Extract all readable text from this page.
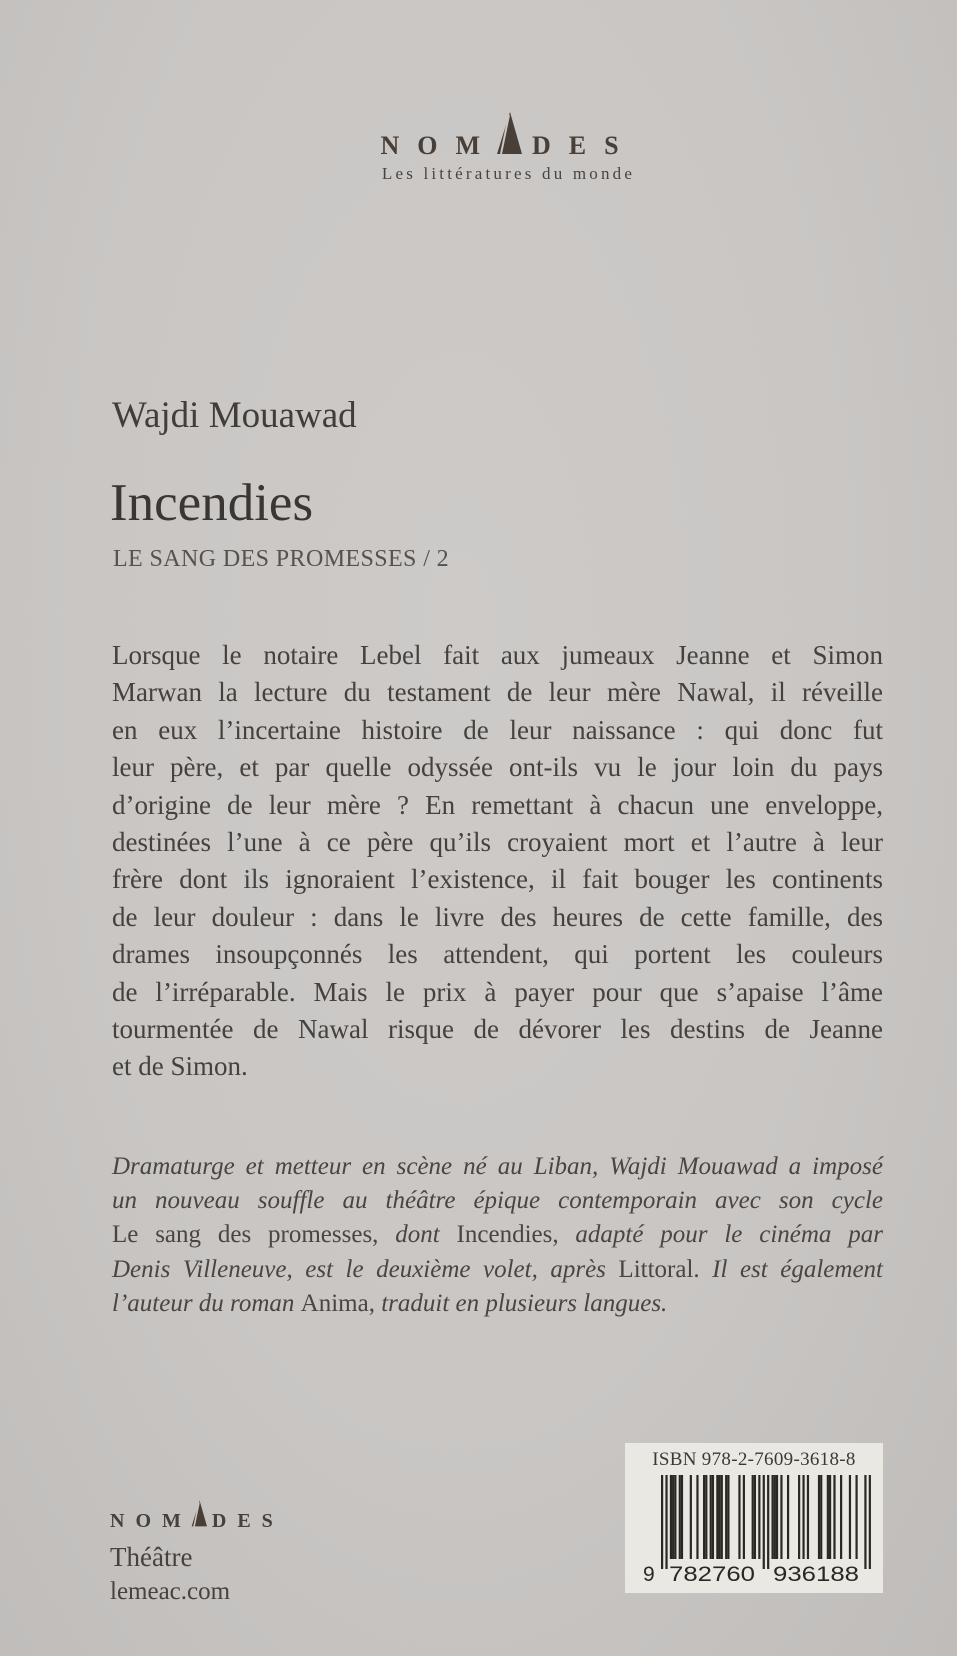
NOM DES
Les littératures du monde
Wajdi Mouawad
Incendies
LE SANG DES PROMESSES / 2
Lorsque le notaire Lebel fait aux jumeaux Jeanne et Simon
Marwan la lecture du testament de leur mère Nawal, il réveille
en eux l’incertaine histoire de leur naissance : qui donc fut
leur père, et par quelle odyssée ont-ils vu le jour loin du pays
d’origine de leur mère ? En remettant à chacun une enveloppe,
destinées l’une à ce père qu’ils croyaient mort et l’autre à leur
frère dont ils ignoraient l’existence, il fait bouger les continents
de leur douleur : dans le livre des heures de cette famille, des
drames insoupçonnés les attendent, qui portent les couleurs
de l’irréparable. Mais le prix à payer pour que s’apaise l’âme
tourmentée de Nawal risque de dévorer les destins de Jeanne
et de Simon.
Dramaturge et metteur en scène né au Liban, Wajdi Mouawad a imposé
un nouveau souffle au théâtre épique contemporain avec son cycle
Le sang des promesses, dont Incendies, adapté pour le cinéma par
Denis Villeneuve, est le deuxième volet, après Littoral. Il est également
l’auteur du roman Anima, traduit en plusieurs langues.
NOM DES
Théâtre
lemeac.com
ISBN 978-2-7609-3618-8
9 782760 936188
